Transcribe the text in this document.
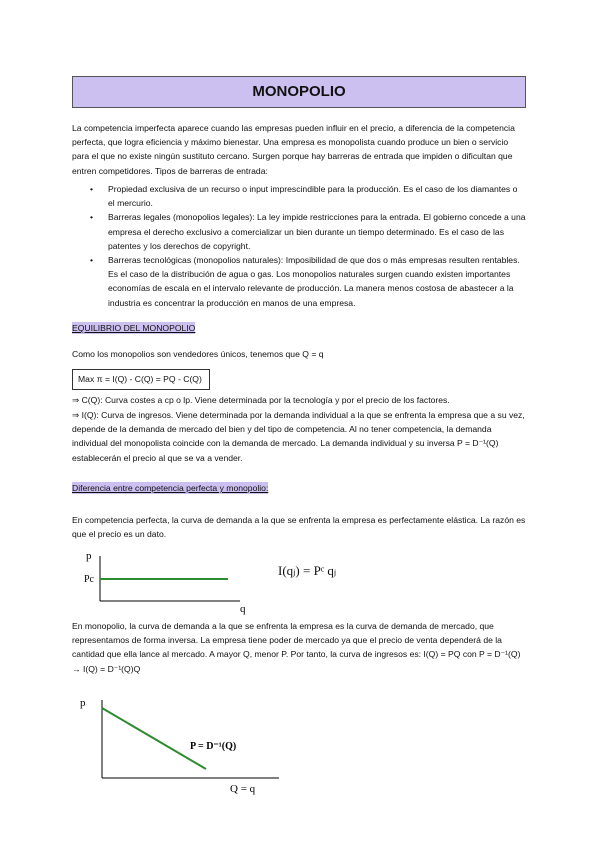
MONOPOLIO

La competencia imperfecta aparece cuando las empresas pueden influir en el precio, a diferencia de la competencia perfecta, que logra eficiencia y máximo bienestar. Una empresa es monopolista cuando produce un bien o servicio para el que no existe ningún sustituto cercano. Surgen porque hay barreras de entrada que impiden o dificultan que entren competidores. Tipos de barreras de entrada:

• Propiedad exclusiva de un recurso o input imprescindible para la producción. Es el caso de los diamantes o el mercurio.
• Barreras legales (monopolios legales): La ley impide restricciones para la entrada. El gobierno concede a una empresa el derecho exclusivo a comercializar un bien durante un tiempo determinado. Es el caso de las patentes y los derechos de copyright.
• Barreras tecnológicas (monopolios naturales): Imposibilidad de que dos o más empresas resulten rentables. Es el caso de la distribución de agua o gas. Los monopolios naturales surgen cuando existen importantes economías de escala en el intervalo relevante de producción. La manera menos costosa de abastecer a la industria es concentrar la producción en manos de una empresa.
EQUILIBRIO DEL MONOPOLIO

Como los monopolios son vendedores únicos, tenemos que Q = q

Max π = I(Q) - C(Q) = PQ - C(Q)

⇒ C(Q): Curva costes a cp o lp. Viene determinada por la tecnología y por el precio de los factores.

⇒ I(Q): Curva de ingresos. Viene determinada por la demanda individual a la que se enfrenta la empresa que a su vez, depende de la demanda de mercado del bien y del tipo de competencia. Al no tener competencia, la demanda individual del monopolista coincide con la demanda de mercado. La demanda individual y su inversa P = D⁻¹(Q) establecerán el precio al que se va a vender.

Diferencia entre competencia perfecta y monopolio:

En competencia perfecta, la curva de demanda a la que se enfrenta la empresa es perfectamente elástica. La razón es que el precio es un dato.

p
Pc
q
I(qⱼ) = Pᶜ qⱼ

En monopolio, la curva de demanda a la que se enfrenta la empresa es la curva de demanda de mercado, que representamos de forma inversa. La empresa tiene poder de mercado ya que el precio de venta dependerá de la cantidad que ella lance al mercado. A mayor Q, menor P. Por tanto, la curva de ingresos es: I(Q) = PQ con P = D⁻¹(Q) → I(Q) = D⁻¹(Q)Q

p
P = D⁻¹(Q)
Q = q
